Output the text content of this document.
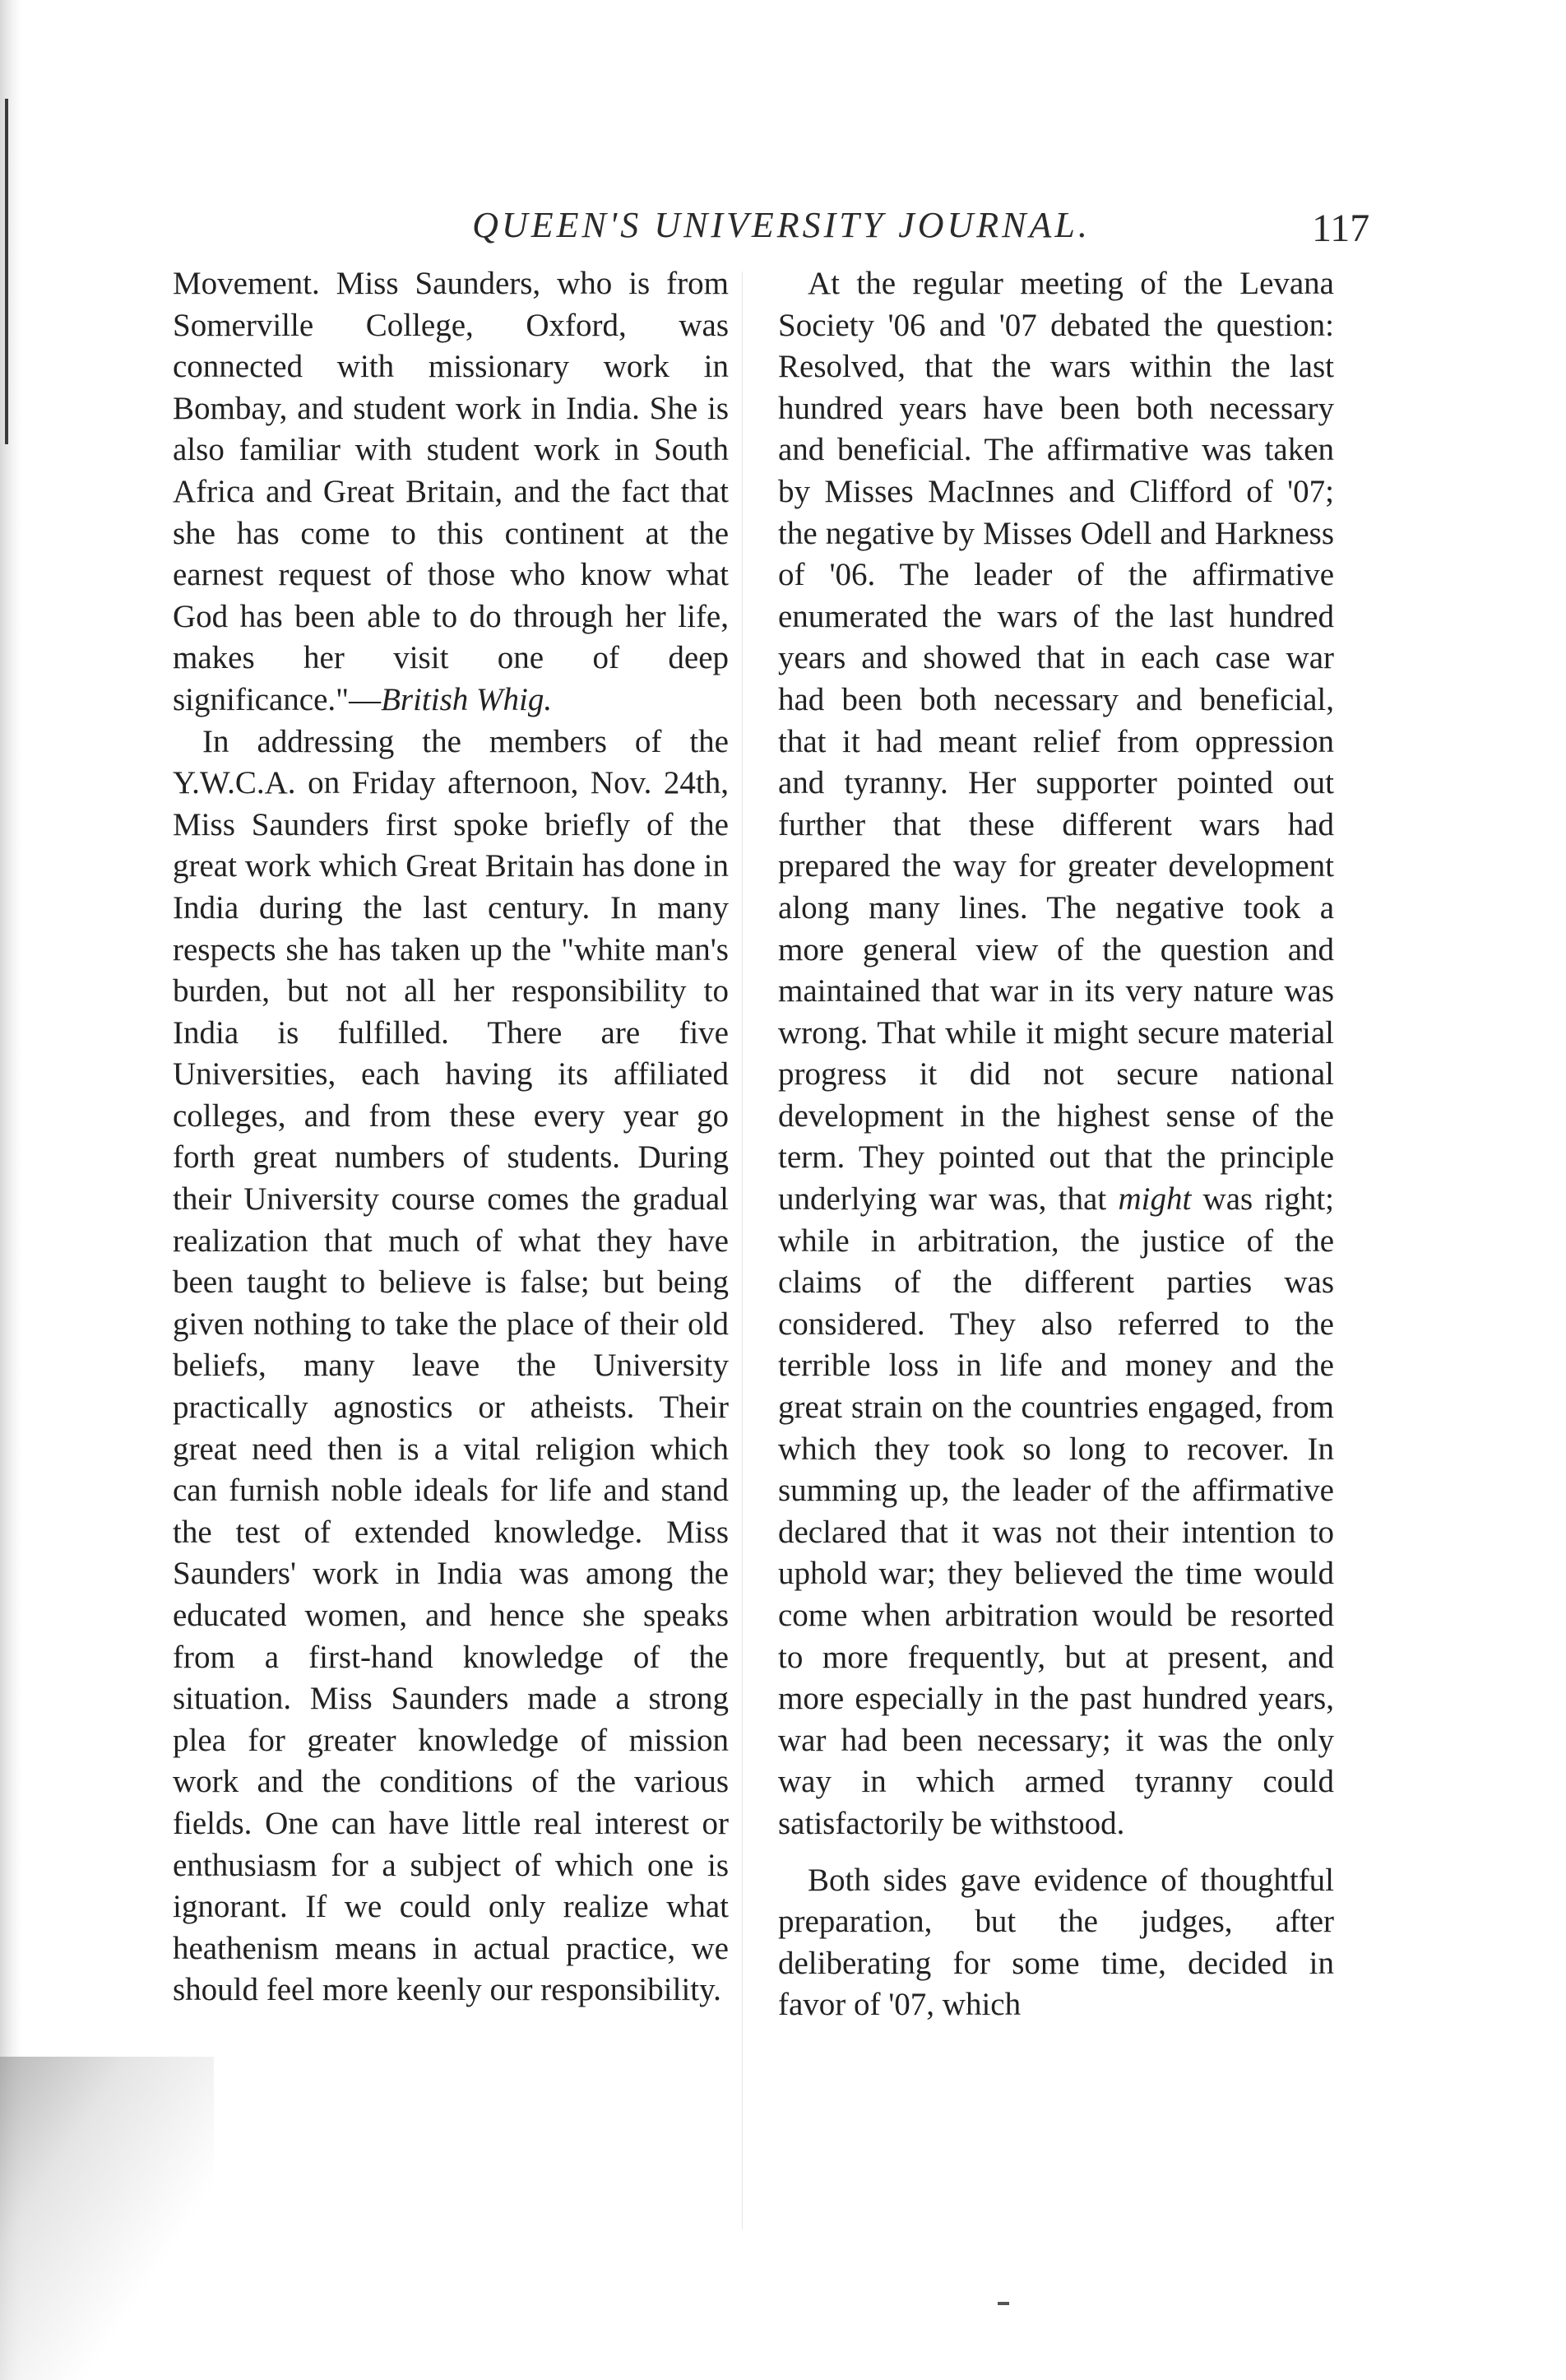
QUEEN'S UNIVERSITY JOURNAL.	117

Movement. Miss Saunders, who is from Somerville College, Oxford, was connected with missionary work in Bombay, and student work in India. She is also familiar with student work in South Africa and Great Britain, and the fact that she has come to this continent at the earnest request of those who know what God has been able to do through her life, makes her visit one of deep significance."—British Whig.

In addressing the members of the Y.W.C.A. on Friday afternoon, Nov. 24th, Miss Saunders first spoke briefly of the great work which Great Britain has done in India during the last century. In many respects she has taken up the "white man's burden, but not all her responsibility to India is fulfilled. There are five Universities, each having its affiliated colleges, and from these every year go forth great numbers of students. During their University course comes the gradual realization that much of what they have been taught to believe is false; but being given nothing to take the place of their old beliefs, many leave the University practically agnostics or atheists. Their great need then is a vital religion which can furnish noble ideals for life and stand the test of extended knowledge. Miss Saunders' work in India was among the educated women, and hence she speaks from a first-hand knowledge of the situation. Miss Saunders made a strong plea for greater knowledge of mission work and the conditions of the various fields. One can have little real interest or enthusiasm for a subject of which one is ignorant. If we could only realize what heathenism means in actual practice, we should feel more keenly our responsibility.

At the regular meeting of the Levana Society '06 and '07 debated the question: Resolved, that the wars within the last hundred years have been both necessary and beneficial. The affirmative was taken by Misses MacInnes and Clifford of '07; the negative by Misses Odell and Harkness of '06. The leader of the affirmative enumerated the wars of the last hundred years and showed that in each case war had been both necessary and beneficial, that it had meant relief from oppression and tyranny. Her supporter pointed out further that these different wars had prepared the way for greater development along many lines. The negative took a more general view of the question and maintained that war in its very nature was wrong. That while it might secure material progress it did not secure national development in the highest sense of the term. They pointed out that the principle underlying war was, that might was right; while in arbitration, the justice of the claims of the different parties was considered. They also referred to the terrible loss in life and money and the great strain on the countries engaged, from which they took so long to recover. In summing up, the leader of the affirmative declared that it was not their intention to uphold war; they believed the time would come when arbitration would be resorted to more frequently, but at present, and more especially in the past hundred years, war had been necessary; it was the only way in which armed tyranny could satisfactorily be withstood.

Both sides gave evidence of thoughtful preparation, but the judges, after deliberating for some time, decided in favor of '07, which
